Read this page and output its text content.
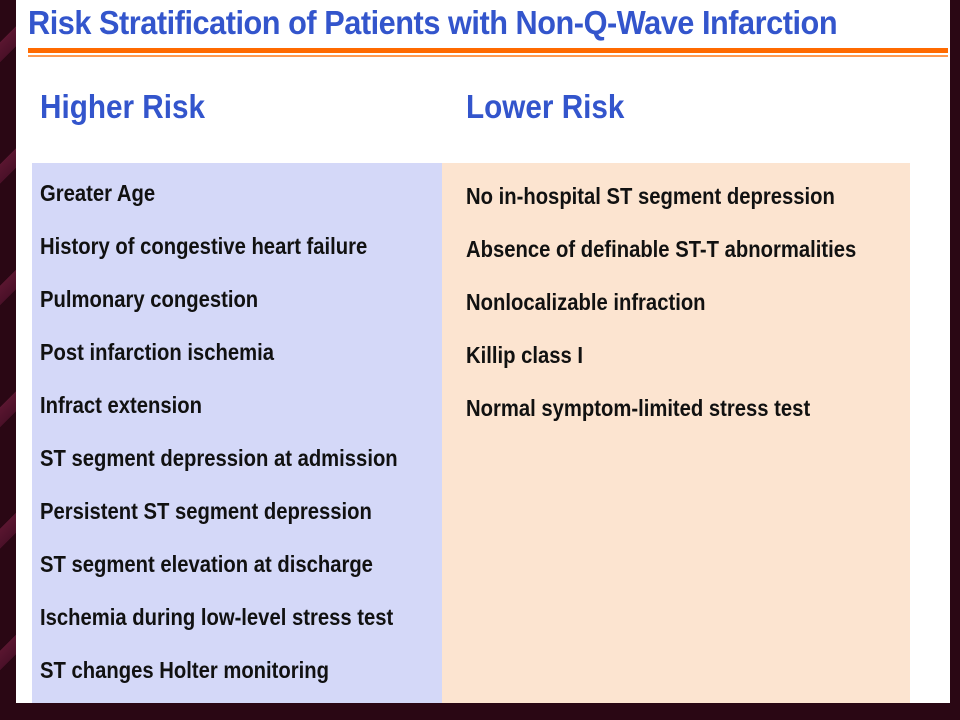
Risk Stratification of Patients with Non-Q-Wave Infarction
Higher Risk	Lower Risk
Greater Age
History of congestive heart failure
Pulmonary congestion
Post infarction ischemia
Infract extension
ST segment depression at admission
Persistent ST segment depression
ST segment elevation at discharge
Ischemia during low-level stress test
ST changes Holter monitoring
No in-hospital ST segment depression
Absence of definable ST-T abnormalities
Nonlocalizable infraction
Killip class I
Normal symptom-limited stress test
